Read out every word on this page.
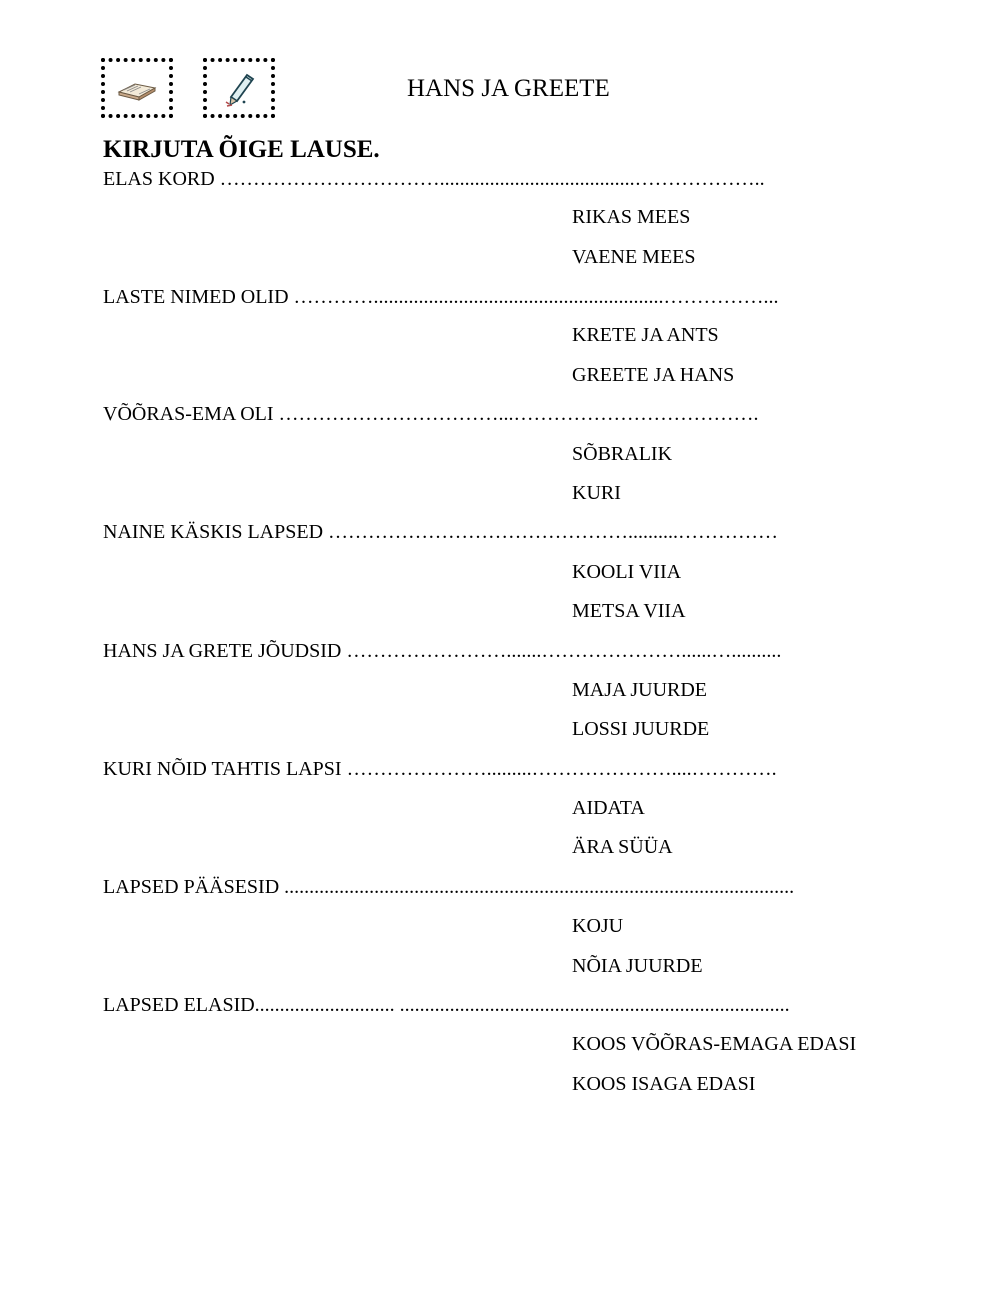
HANS JA GREETE
KIRJUTA ÕIGE LAUSE.
ELAS KORD …………………………….......................................………………..
RIKAS MEES
VAENE MEES
LASTE NIMED OLID …………..........................................................……………...
KRETE JA ANTS
GREETE JA HANS
VÕÕRAS-EMA OLI ……………………………...……………………………….
SÕBRALIK
KURI
NAINE KÄSKIS LAPSED ………………………………………..........……………
KOOLI VIIA
METSA VIIA
HANS JA GRETE JÕUDSID …………………….......…………………......…..........
MAJA JUURDE
LOSSI JUURDE
KURI NÕID TAHTIS LAPSI ………………….........…………………....………….
AIDATA
ÄRA SÜÜA
LAPSED PÄÄSESID ......................................................................................................
KOJU
NÕIA JUURDE
LAPSED ELASID............................ ..............................................................................
KOOS VÕÕRAS-EMAGA EDASI
KOOS ISAGA EDASI
